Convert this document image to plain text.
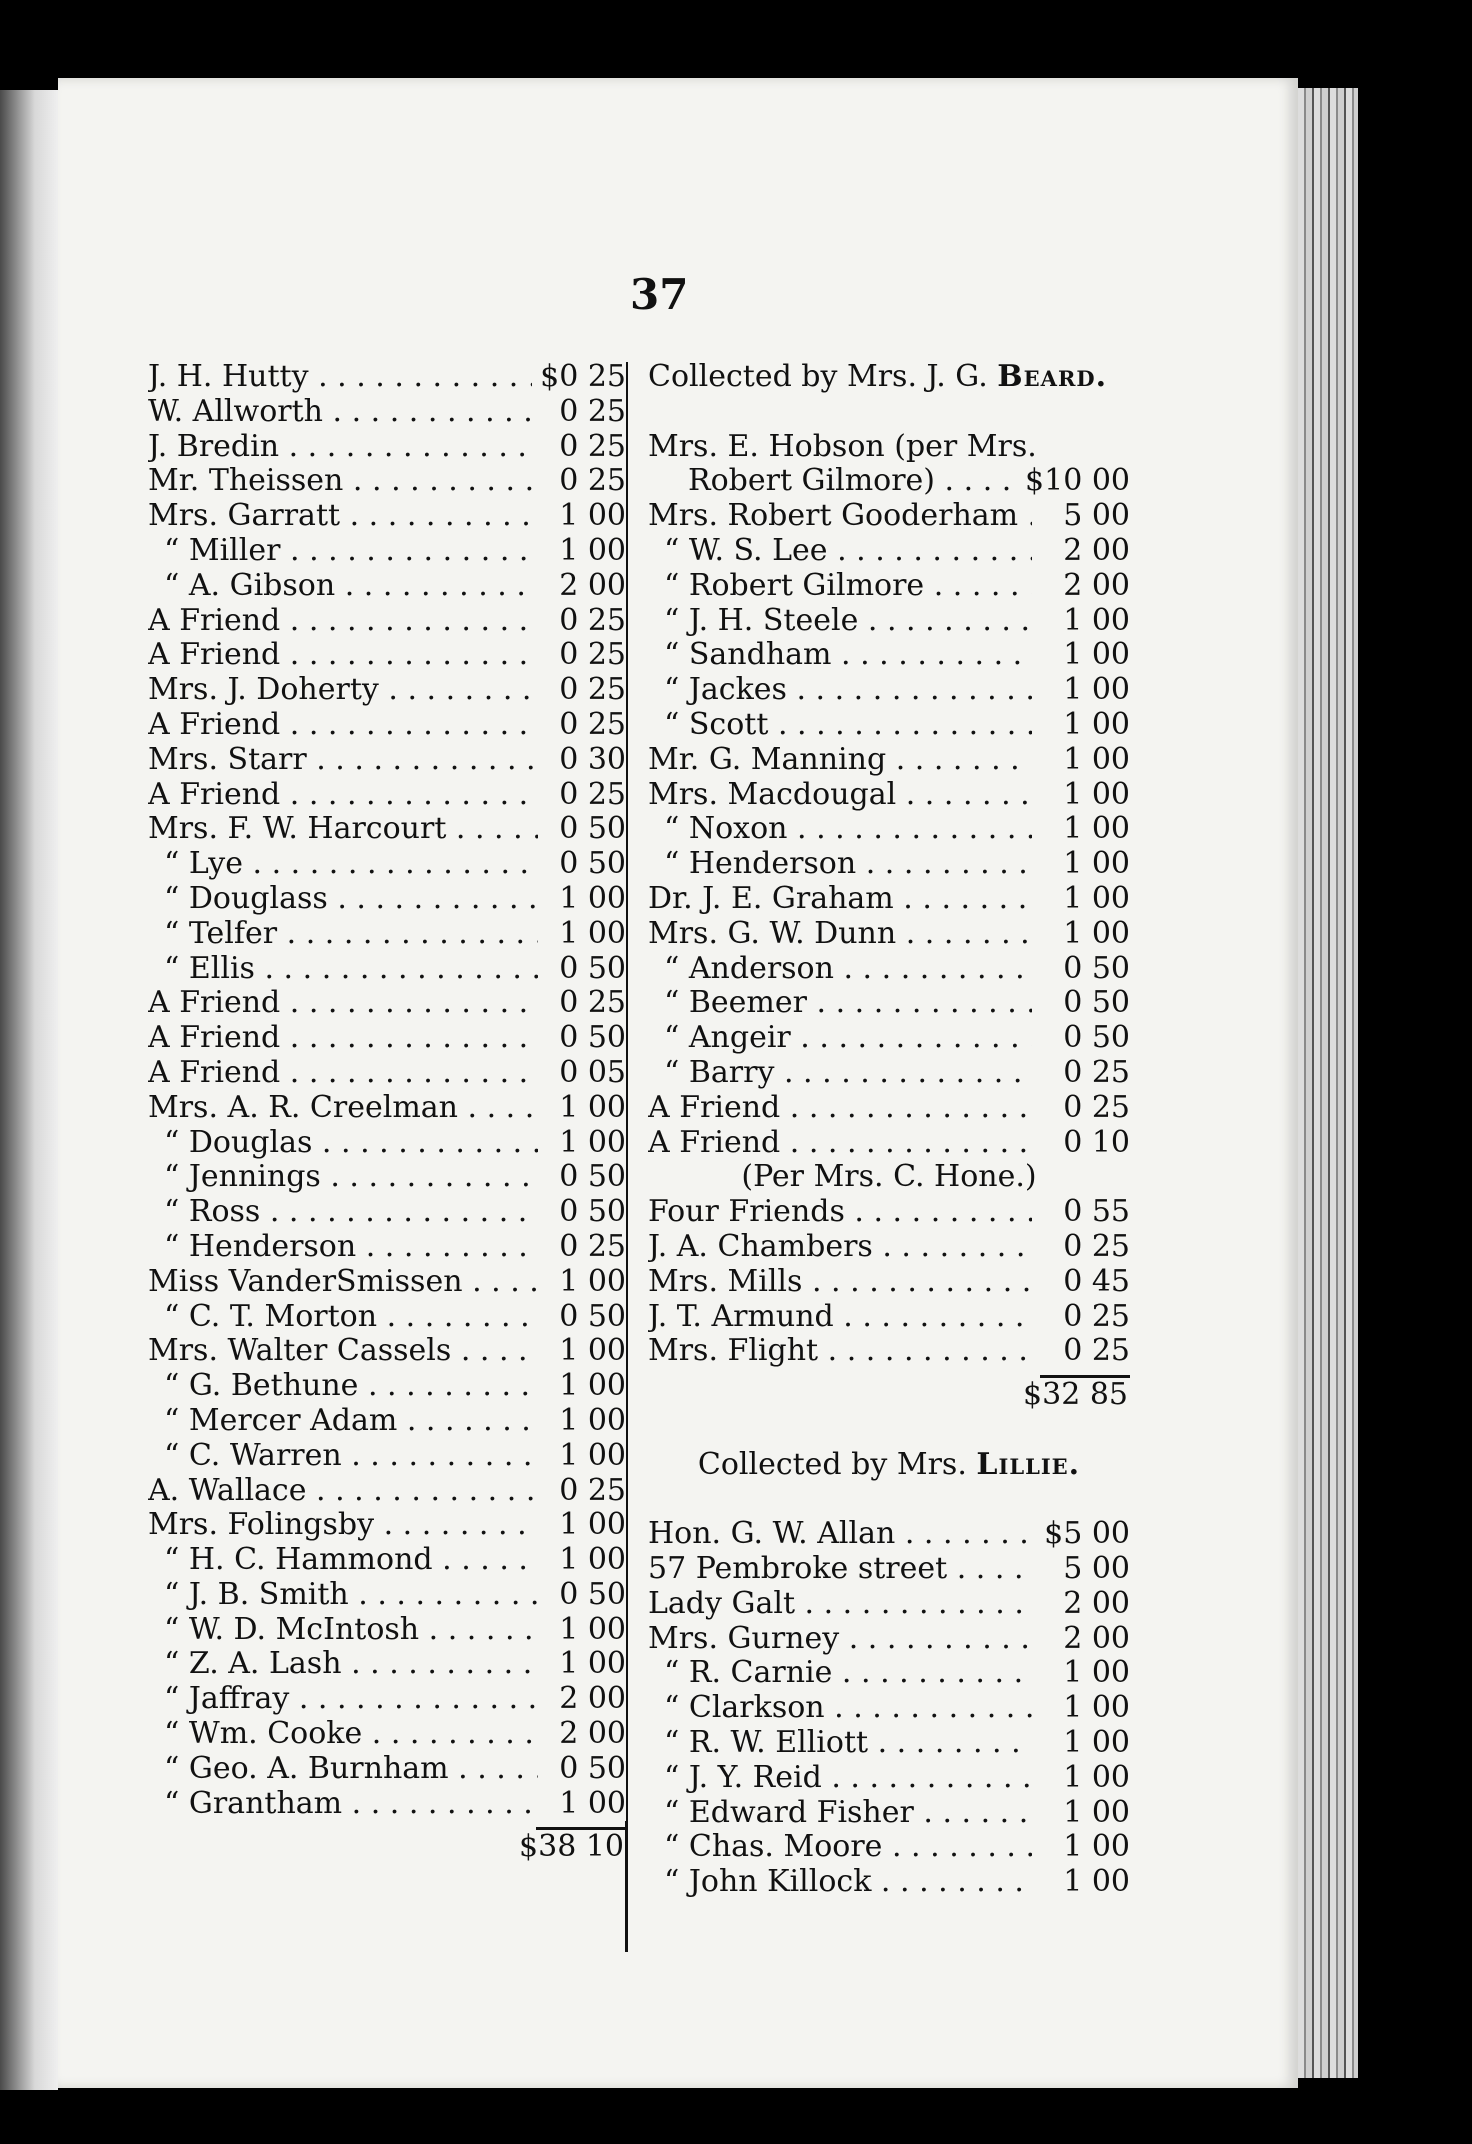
37
J. H. Hutty . . .	$0 25
W. Allworth . . .	0 25
J. Bredin . . .	0 25
Mr. Theissen . . .	0 25
Mrs. Garratt . . .	1 00
“ Miller . . .	1 00
“ A. Gibson . . .	2 00
A Friend . . .	0 25
A Friend . . .	0 25
Mrs. J. Doherty . . .	0 25
A Friend . . .	0 25
Mrs. Starr . . .	0 30
A Friend . . .	0 25
Mrs. F. W. Harcourt . . .	0 50
“ Lye . . .	0 50
“ Douglass . . .	1 00
“ Telfer . . .	1 00
“ Ellis . . .	0 50
A Friend . . .	0 25
A Friend . . .	0 50
A Friend . . .	0 05
Mrs. A. R. Creelman . . .	1 00
“ Douglas . . .	1 00
“ Jennings . . .	0 50
“ Ross . . .	0 50
“ Henderson . . .	0 25
Miss VanderSmissen . . .	1 00
“ C. T. Morton . . .	0 50
Mrs. Walter Cassels . . .	1 00
“ G. Bethune . . .	1 00
“ Mercer Adam . . .	1 00
“ C. Warren . . .	1 00
A. Wallace . . .	0 25
Mrs. Folingsby . . .	1 00
“ H. C. Hammond . . .	1 00
“ J. B. Smith . . .	0 50
“ W. D. McIntosh . . .	1 00
“ Z. A. Lash . . .	1 00
“ Jaffray . . .	2 00
“ Wm. Cooke . . .	2 00
“ Geo. A. Burnham . . .	0 50
“ Grantham . . .	1 00
$38 10
Collected by Mrs. J. G. Beard.
Mrs. E. Hobson (per Mrs.
Robert Gilmore) . . .	$10 00
Mrs. Robert Gooderham . . .	5 00
“ W. S. Lee . . .	2 00
“ Robert Gilmore . . .	2 00
“ J. H. Steele . . .	1 00
“ Sandham . . .	1 00
“ Jackes . . .	1 00
“ Scott . . .	1 00
Mr. G. Manning . . .	1 00
Mrs. Macdougal . . .	1 00
“ Noxon . . .	1 00
“ Henderson . . .	1 00
Dr. J. E. Graham . . .	1 00
Mrs. G. W. Dunn . . .	1 00
“ Anderson . . .	0 50
“ Beemer . . .	0 50
“ Angeir . . .	0 50
“ Barry . . .	0 25
A Friend . . .	0 25
A Friend . . .	0 10
(Per Mrs. C. Hone.)
Four Friends . . .	0 55
J. A. Chambers . . .	0 25
Mrs. Mills . . .	0 45
J. T. Armund . . .	0 25
Mrs. Flight . . .	0 25
$32 85
Collected by Mrs. Lillie.
Hon. G. W. Allan . . .	$5 00
57 Pembroke street . . .	5 00
Lady Galt . . .	2 00
Mrs. Gurney . . .	2 00
“ R. Carnie . . .	1 00
“ Clarkson . . .	1 00
“ R. W. Elliott . . .	1 00
“ J. Y. Reid . . .	1 00
“ Edward Fisher . . .	1 00
“ Chas. Moore . . .	1 00
“ John Killock . . .	1 00
